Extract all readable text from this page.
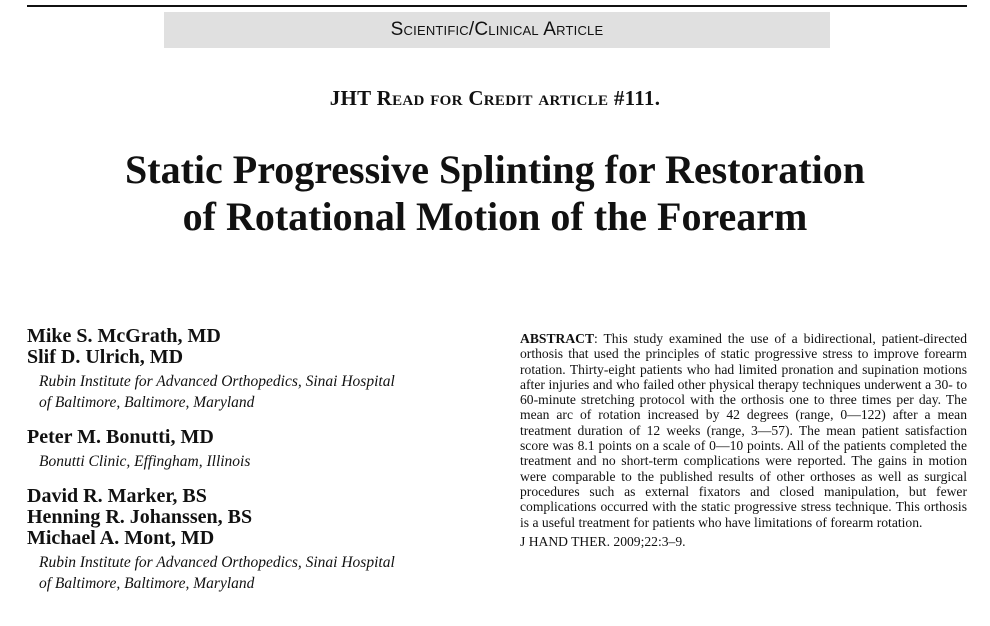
Scientific/Clinical Article
JHT Read for Credit article #111.
Static Progressive Splinting for Restoration
of Rotational Motion of the Forearm
Mike S. McGrath, MD
Slif D. Ulrich, MD
Rubin Institute for Advanced Orthopedics, Sinai Hospital
of Baltimore, Baltimore, Maryland
Peter M. Bonutti, MD
Bonutti Clinic, Effingham, Illinois
David R. Marker, BS
Henning R. Johanssen, BS
Michael A. Mont, MD
Rubin Institute for Advanced Orthopedics, Sinai Hospital
of Baltimore, Baltimore, Maryland
ABSTRACT: This study examined the use of a bidirectional, patient-directed orthosis that used the principles of static progressive stress to improve forearm rotation. Thirty-eight patients who had limited pronation and supination motions after injuries and who failed other physical therapy techniques underwent a 30- to 60-minute stretching protocol with the orthosis one to three times per day. The mean arc of rotation increased by 42 degrees (range, 0—122) after a mean treatment duration of 12 weeks (range, 3—57). The mean patient satisfaction score was 8.1 points on a scale of 0—10 points. All of the patients completed the treatment and no short-term complications were reported. The gains in motion were comparable to the published results of other orthoses as well as surgical procedures such as external fixators and closed manipulation, but fewer complications occurred with the static progressive stress technique. This orthosis is a useful treatment for patients who have limitations of forearm rotation.
J HAND THER. 2009;22:3–9.
